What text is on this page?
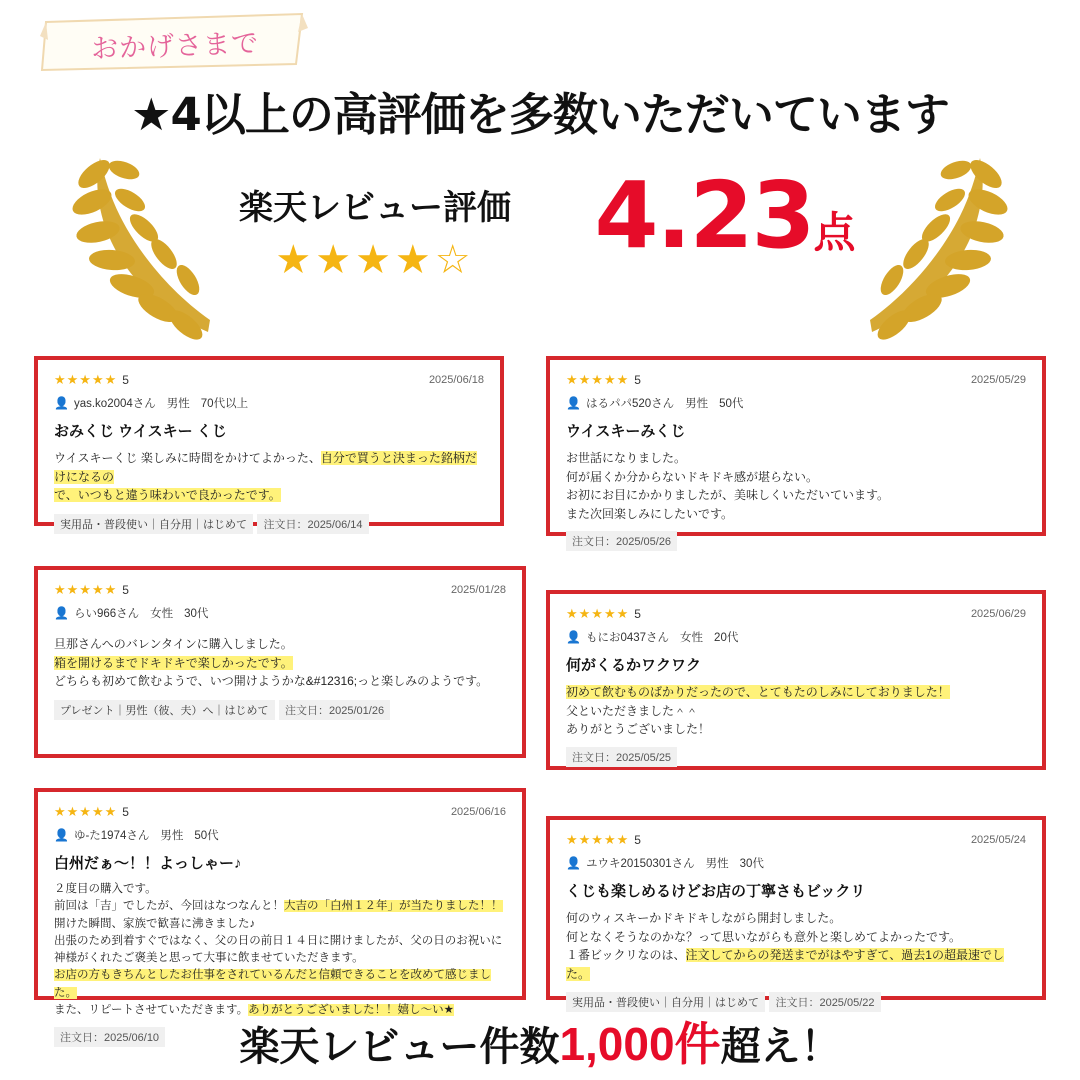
おかげさまで
★4以上の高評価を多数いただいています
楽天レビュー評価
★★★★☆	4.23点
★★★★★ 5	2025/06/18
👤 yas.ko2004さん 男性 70代以上
おみくじ ウイスキー くじ
ウイスキーくじ 楽しみに時間をかけてよかった、自分で買うと決まった銘柄だけになるの
で、いつもと違う味わいで良かったです。
実用品・普段使い｜自分用｜はじめて 注文日：2025/06/14
★★★★★ 5	2025/05/29
👤 はるパパ520さん 男性 50代
ウイスキーみくじ
お世話になりました。
何が届くか分からないドキドキ感が堪らない。
お初にお目にかかりましたが、美味しくいただいています。
また次回楽しみにしたいです。
注文日：2025/05/26
★★★★★ 5	2025/01/28
👤 らい966さん 女性 30代
旦那さんへのバレンタインに購入しました。
箱を開けるまでドキドキで楽しかったです。
どちらも初めて飲むようで、いつ開けようかな&#12316;っと楽しみのようです。
プレゼント｜男性（彼、夫）へ｜はじめて 注文日：2025/01/26
★★★★★ 5	2025/06/29
👤 もにお0437さん 女性 20代
何がくるかワクワク
初めて飲むものばかりだったので、とてもたのしみにしておりました！
父といただきました＾＾
ありがとうございました！
注文日：2025/05/25
★★★★★ 5	2025/06/16
👤 ゆ-た1974さん 男性 50代
白州だぁ〜！！よっしゃー♪
２度目の購入です。
前回は「吉」でしたが、今回はなつなんと！大吉の「白州１２年」が当たりました！！
開けた瞬間、家族で歓喜に沸きました♪
出張のため到着すぐではなく、父の日の前日１４日に開けましたが、父の日のお祝いに神様がくれたご褒美と思って大事に飲ませていただきます。
お店の方もきちんとしたお仕事をされているんだと信頼できることを改めて感じました。
また、リピートさせていただきます。ありがとうございました！！嬉し〜い★
注文日：2025/06/10
★★★★★ 5	2025/05/24
👤 ユウキ20150301さん 男性 30代
くじも楽しめるけどお店の丁寧さもビックリ
何のウィスキーかドキドキしながら開封しました。
何となくそうなのかな？って思いながらも意外と楽しめてよかったです。
１番ビックリなのは、注文してからの発送までがはやすぎて、過去1の超最速でした。
実用品・普段使い｜自分用｜はじめて 注文日：2025/05/22
楽天レビュー件数1,000件超え！
